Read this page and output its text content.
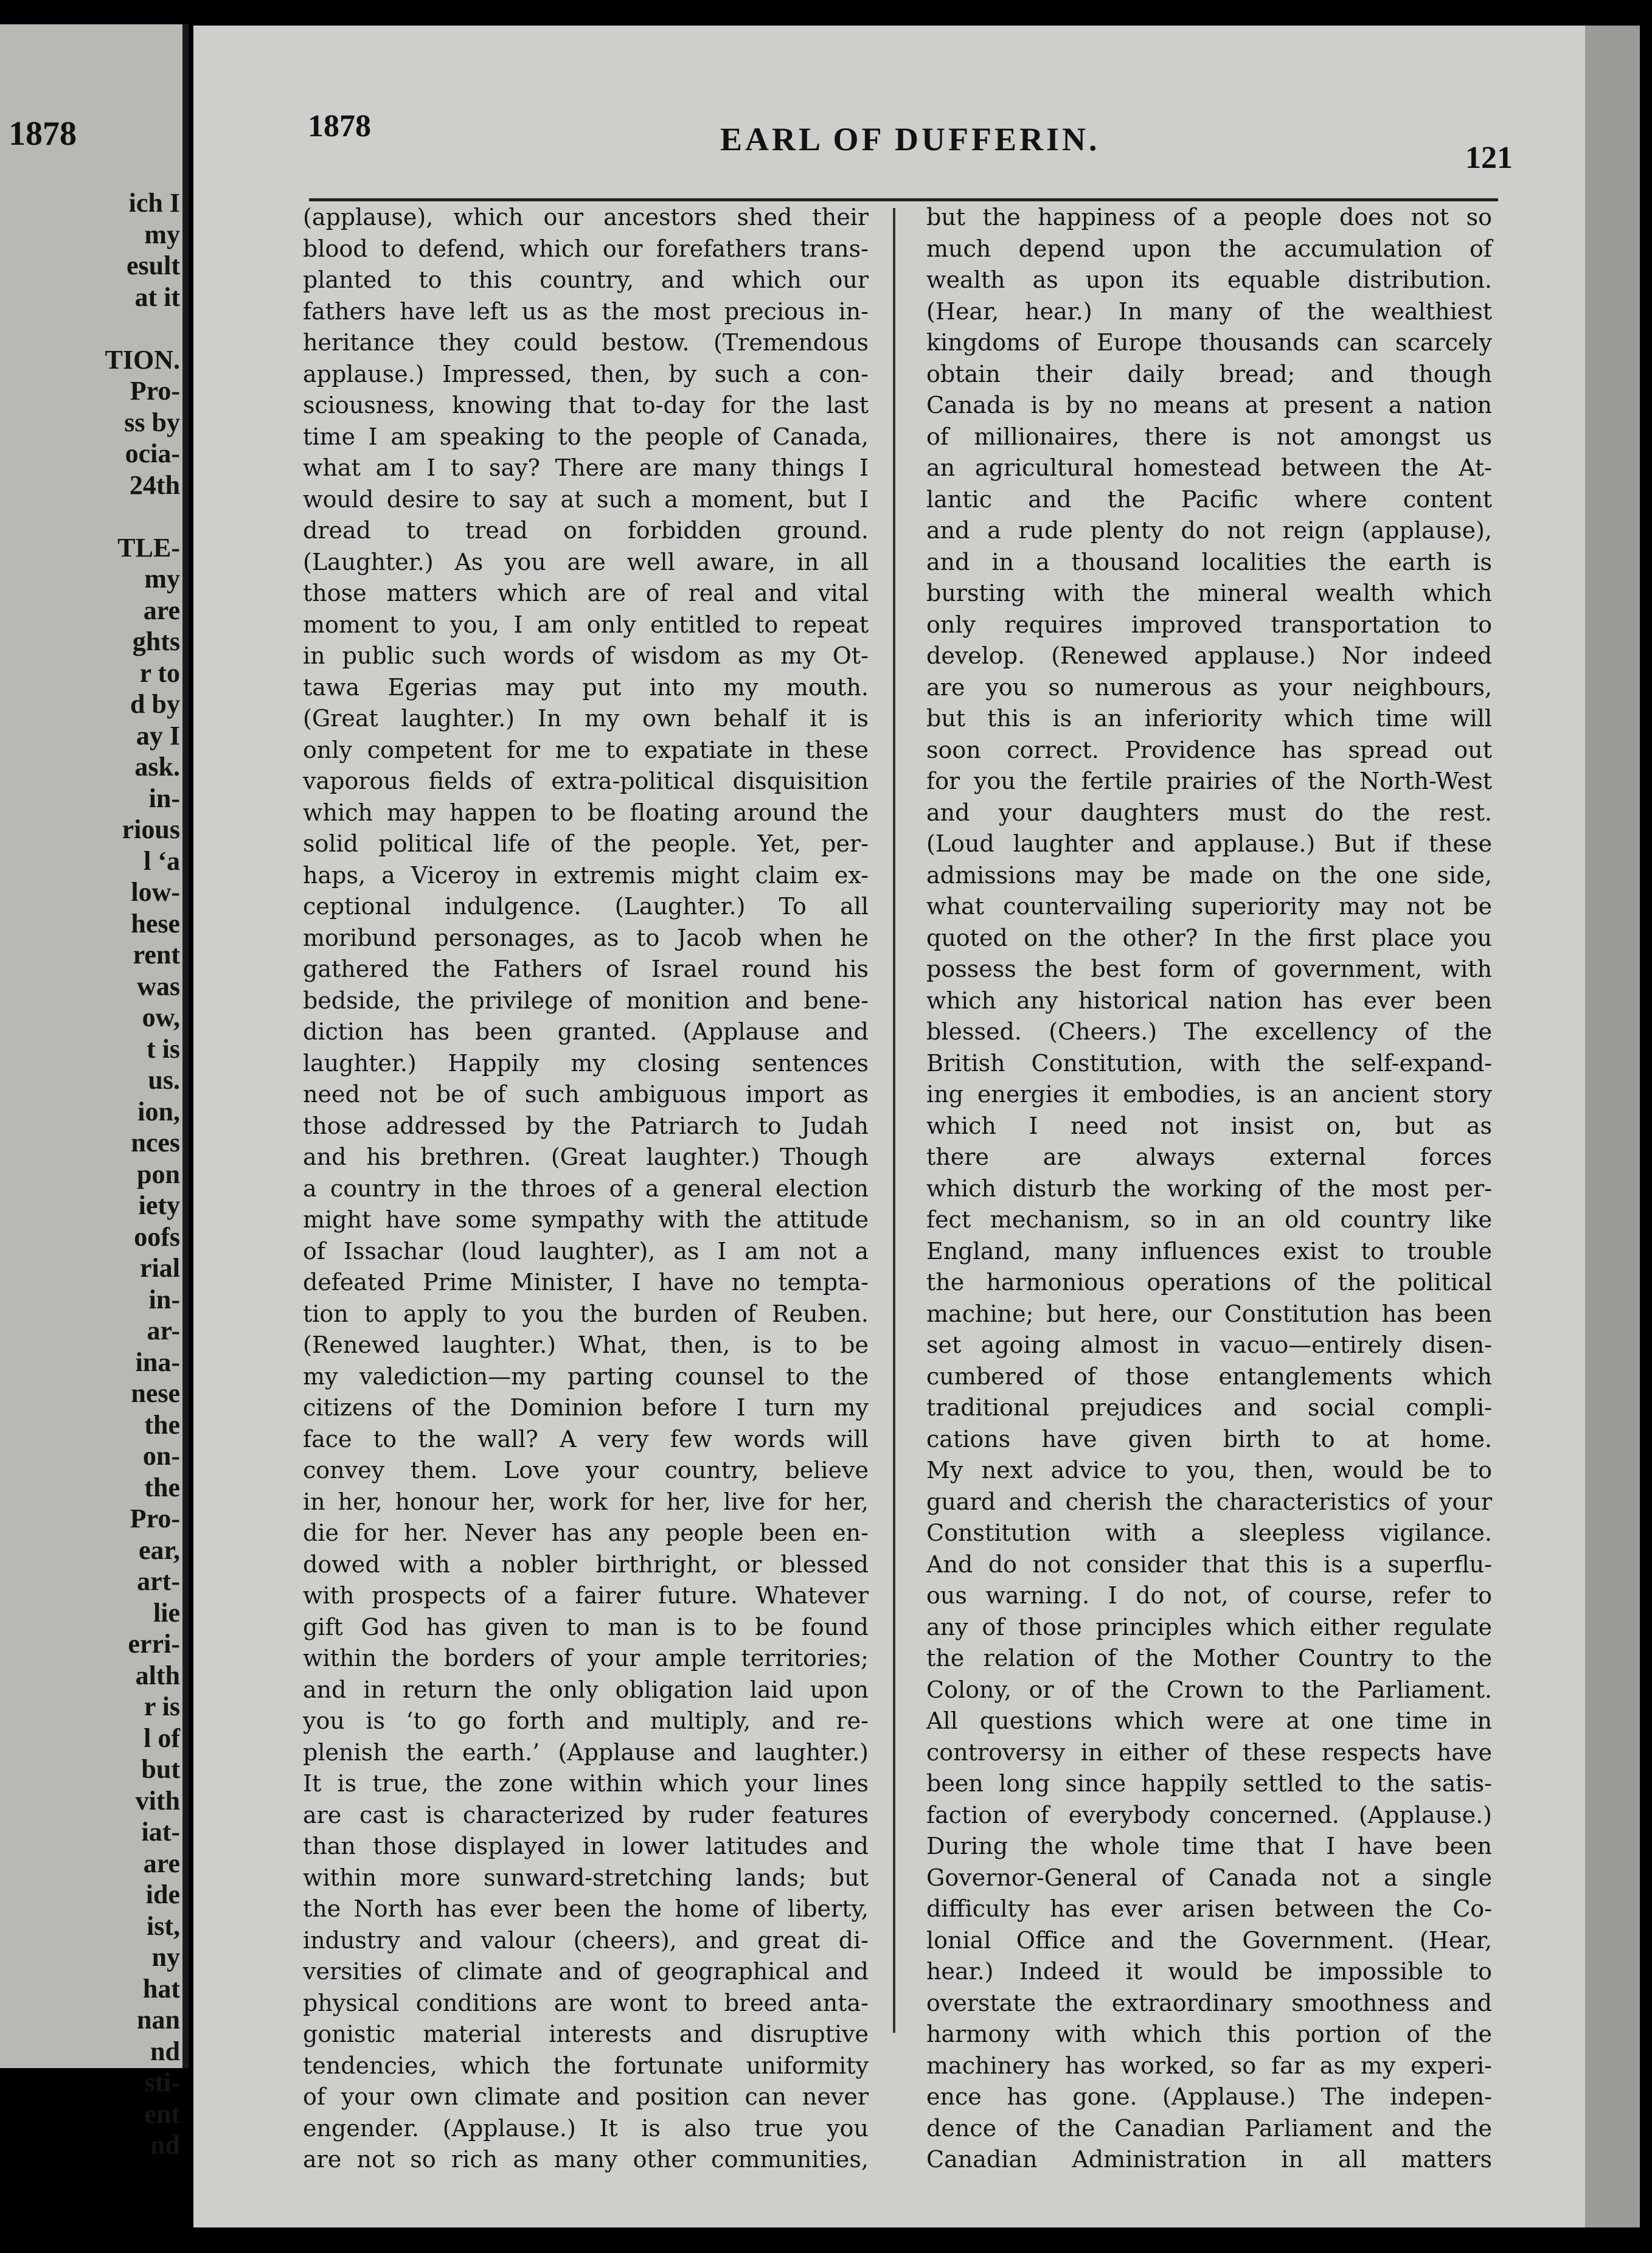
1878
ich I
my
esult
at it

TION.
Pro-
ss by
ocia-
24th

TLE-
my
are
ghts
r to
d by
ay I
ask.
in-
rious
l ‘a
low-
hese
rent
was
ow,
t is
us.
ion,
nces
pon
iety
oofs
rial
in-
ar-
ina-
nese
the
on-
the
Pro-
ear,
art-
lie
erri-
alth
r is
l of
but
vith
iat-
are
ide
ist,
ny
hat
nan
nd
sti-
ent
nd
1878	EARL OF DUFFERIN.
121
(applause), which our ancestors shed their
blood to defend, which our forefathers trans-
planted to this country, and which our
fathers have left us as the most precious in-
heritance they could bestow. (Tremendous
applause.) Impressed, then, by such a con-
sciousness, knowing that to-day for the last
time I am speaking to the people of Canada,
what am I to say? There are many things I
would desire to say at such a moment, but I
dread to tread on forbidden ground.
(Laughter.) As you are well aware, in all
those matters which are of real and vital
moment to you, I am only entitled to repeat
in public such words of wisdom as my Ot-
tawa Egerias may put into my mouth.
(Great laughter.) In my own behalf it is
only competent for me to expatiate in these
vaporous fields of extra-political disquisition
which may happen to be floating around the
solid political life of the people. Yet, per-
haps, a Viceroy in extremis might claim ex-
ceptional indulgence. (Laughter.) To all
moribund personages, as to Jacob when he
gathered the Fathers of Israel round his
bedside, the privilege of monition and bene-
diction has been granted. (Applause and
laughter.) Happily my closing sentences
need not be of such ambiguous import as
those addressed by the Patriarch to Judah
and his brethren. (Great laughter.) Though
a country in the throes of a general election
might have some sympathy with the attitude
of Issachar (loud laughter), as I am not a
defeated Prime Minister, I have no tempta-
tion to apply to you the burden of Reuben.
(Renewed laughter.) What, then, is to be
my valediction—my parting counsel to the
citizens of the Dominion before I turn my
face to the wall? A very few words will
convey them. Love your country, believe
in her, honour her, work for her, live for her,
die for her. Never has any people been en-
dowed with a nobler birthright, or blessed
with prospects of a fairer future. Whatever
gift God has given to man is to be found
within the borders of your ample territories;
and in return the only obligation laid upon
you is ‘to go forth and multiply, and re-
plenish the earth.’ (Applause and laughter.)
It is true, the zone within which your lines
are cast is characterized by ruder features
than those displayed in lower latitudes and
within more sunward-stretching lands; but
the North has ever been the home of liberty,
industry and valour (cheers), and great di-
versities of climate and of geographical and
physical conditions are wont to breed anta-
gonistic material interests and disruptive
tendencies, which the fortunate uniformity
of your own climate and position can never
engender. (Applause.) It is also true you
are not so rich as many other communities,
but the happiness of a people does not so
much depend upon the accumulation of
wealth as upon its equable distribution.
(Hear, hear.) In many of the wealthiest
kingdoms of Europe thousands can scarcely
obtain their daily bread; and though
Canada is by no means at present a nation
of millionaires, there is not amongst us
an agricultural homestead between the At-
lantic and the Pacific where content
and a rude plenty do not reign (applause),
and in a thousand localities the earth is
bursting with the mineral wealth which
only requires improved transportation to
develop. (Renewed applause.) Nor indeed
are you so numerous as your neighbours,
but this is an inferiority which time will
soon correct. Providence has spread out
for you the fertile prairies of the North-West
and your daughters must do the rest.
(Loud laughter and applause.) But if these
admissions may be made on the one side,
what countervailing superiority may not be
quoted on the other? In the first place you
possess the best form of government, with
which any historical nation has ever been
blessed. (Cheers.) The excellency of the
British Constitution, with the self-expand-
ing energies it embodies, is an ancient story
which I need not insist on, but as
there are always external forces
which disturb the working of the most per-
fect mechanism, so in an old country like
England, many influences exist to trouble
the harmonious operations of the political
machine; but here, our Constitution has been
set agoing almost in vacuo—entirely disen-
cumbered of those entanglements which
traditional prejudices and social compli-
cations have given birth to at home.
My next advice to you, then, would be to
guard and cherish the characteristics of your
Constitution with a sleepless vigilance.
And do not consider that this is a superflu-
ous warning. I do not, of course, refer to
any of those principles which either regulate
the relation of the Mother Country to the
Colony, or of the Crown to the Parliament.
All questions which were at one time in
controversy in either of these respects have
been long since happily settled to the satis-
faction of everybody concerned. (Applause.)
During the whole time that I have been
Governor-General of Canada not a single
difficulty has ever arisen between the Co-
lonial Office and the Government. (Hear,
hear.) Indeed it would be impossible to
overstate the extraordinary smoothness and
harmony with which this portion of the
machinery has worked, so far as my experi-
ence has gone. (Applause.) The indepen-
dence of the Canadian Parliament and the
Canadian Administration in all matters
